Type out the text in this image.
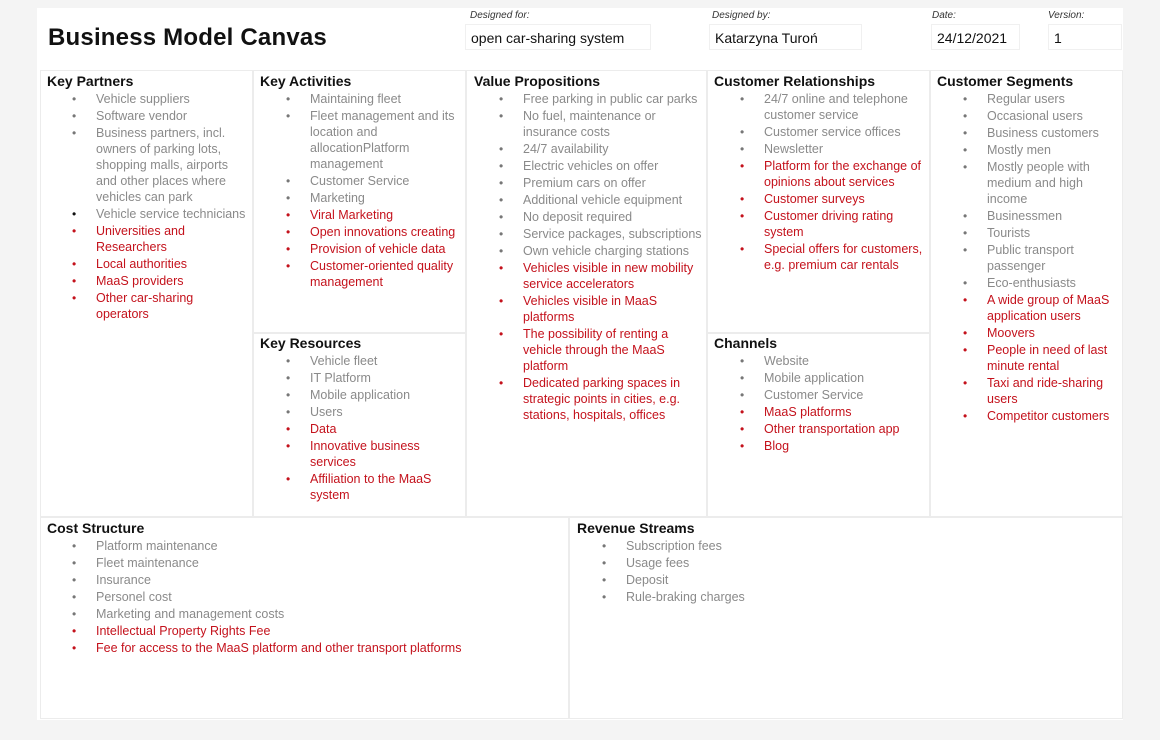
Business Model Canvas
Designed for:
open car-sharing system
Designed by:
Katarzyna Turoń
Date:
24/12/2021
Version:
1
Key Partners
• Vehicle suppliers
• Software vendor
• Business partners, incl. owners of parking lots, shopping malls, airports and other places where vehicles can park
• Vehicle service technicians
• Universities and Researchers
• Local authorities
• MaaS providers
• Other car-sharing operators
Key Activities
• Maintaining fleet
• Fleet management and its location and allocationPlatform management
• Customer Service
• Marketing
• Viral Marketing
• Open innovations creating
• Provision of vehicle data
• Customer-oriented quality management
Key Resources
• Vehicle fleet
• IT Platform
• Mobile application
• Users
• Data
• Innovative business services
• Affiliation to the MaaS system
Value Propositions
• Free parking in public car parks
• No fuel, maintenance or insurance costs
• 24/7 availability
• Electric vehicles on offer
• Premium cars on offer
• Additional vehicle equipment
• No deposit required
• Service packages, subscriptions
• Own vehicle charging stations
• Vehicles visible in new mobility service accelerators
• Vehicles visible in MaaS platforms
• The possibility of renting a vehicle through the MaaS platform
• Dedicated parking spaces in strategic points in cities, e.g. stations, hospitals, offices
Customer Relationships
• 24/7 online and telephone customer service
• Customer service offices
• Newsletter
• Platform for the exchange of opinions about services
• Customer surveys
• Customer driving rating system
• Special offers for customers, e.g. premium car rentals
Channels
• Website
• Mobile application
• Customer Service
• MaaS platforms
• Other transportation app
• Blog
Customer Segments
• Regular users
• Occasional users
• Business customers
• Mostly men
• Mostly people with medium and high income
• Businessmen
• Tourists
• Public transport passenger
• Eco-enthusiasts
• A wide group of MaaS application users
• Moovers
• People in need of last minute rental
• Taxi and ride-sharing users
• Competitor customers
Cost Structure
• Platform maintenance
• Fleet maintenance
• Insurance
• Personel cost
• Marketing and management costs
• Intellectual Property Rights Fee
• Fee for access to the MaaS platform and other transport platforms
Revenue Streams
• Subscription fees
• Usage fees
• Deposit
• Rule-braking charges
